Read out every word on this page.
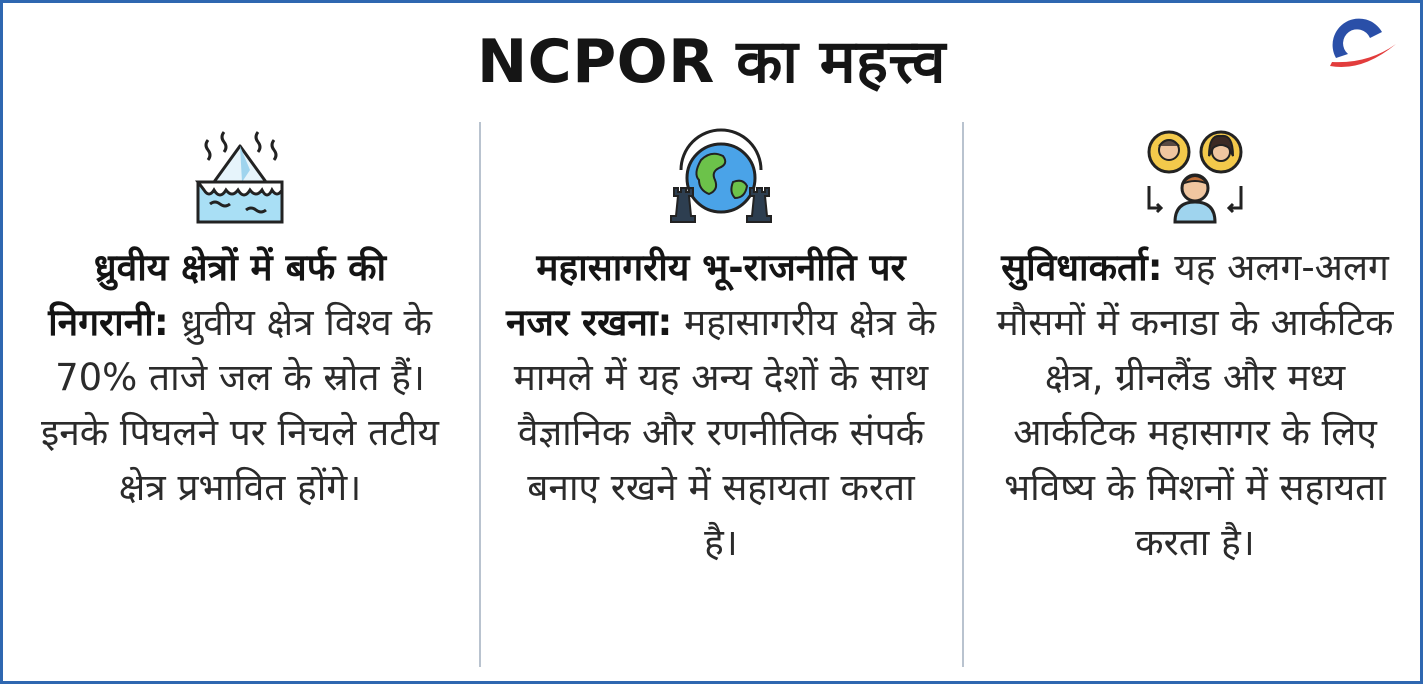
NCPOR का महत्त्व
ध्रुवीय क्षेत्रों में बर्फ की निगरानी: ध्रुवीय क्षेत्र विश्व के 70% ताजे जल के स्रोत हैं। इनके पिघलने पर निचले तटीय क्षेत्र प्रभावित होंगे।
महासागरीय भू-राजनीति पर नजर रखना: महासागरीय क्षेत्र के मामले में यह अन्य देशों के साथ वैज्ञानिक और रणनीतिक संपर्क बनाए रखने में सहायता करता है।
सुविधाकर्ता: यह अलग-अलग मौसमों में कनाडा के आर्कटिक क्षेत्र, ग्रीनलैंड और मध्य आर्कटिक महासागर के लिए भविष्य के मिशनों में सहायता करता है।
